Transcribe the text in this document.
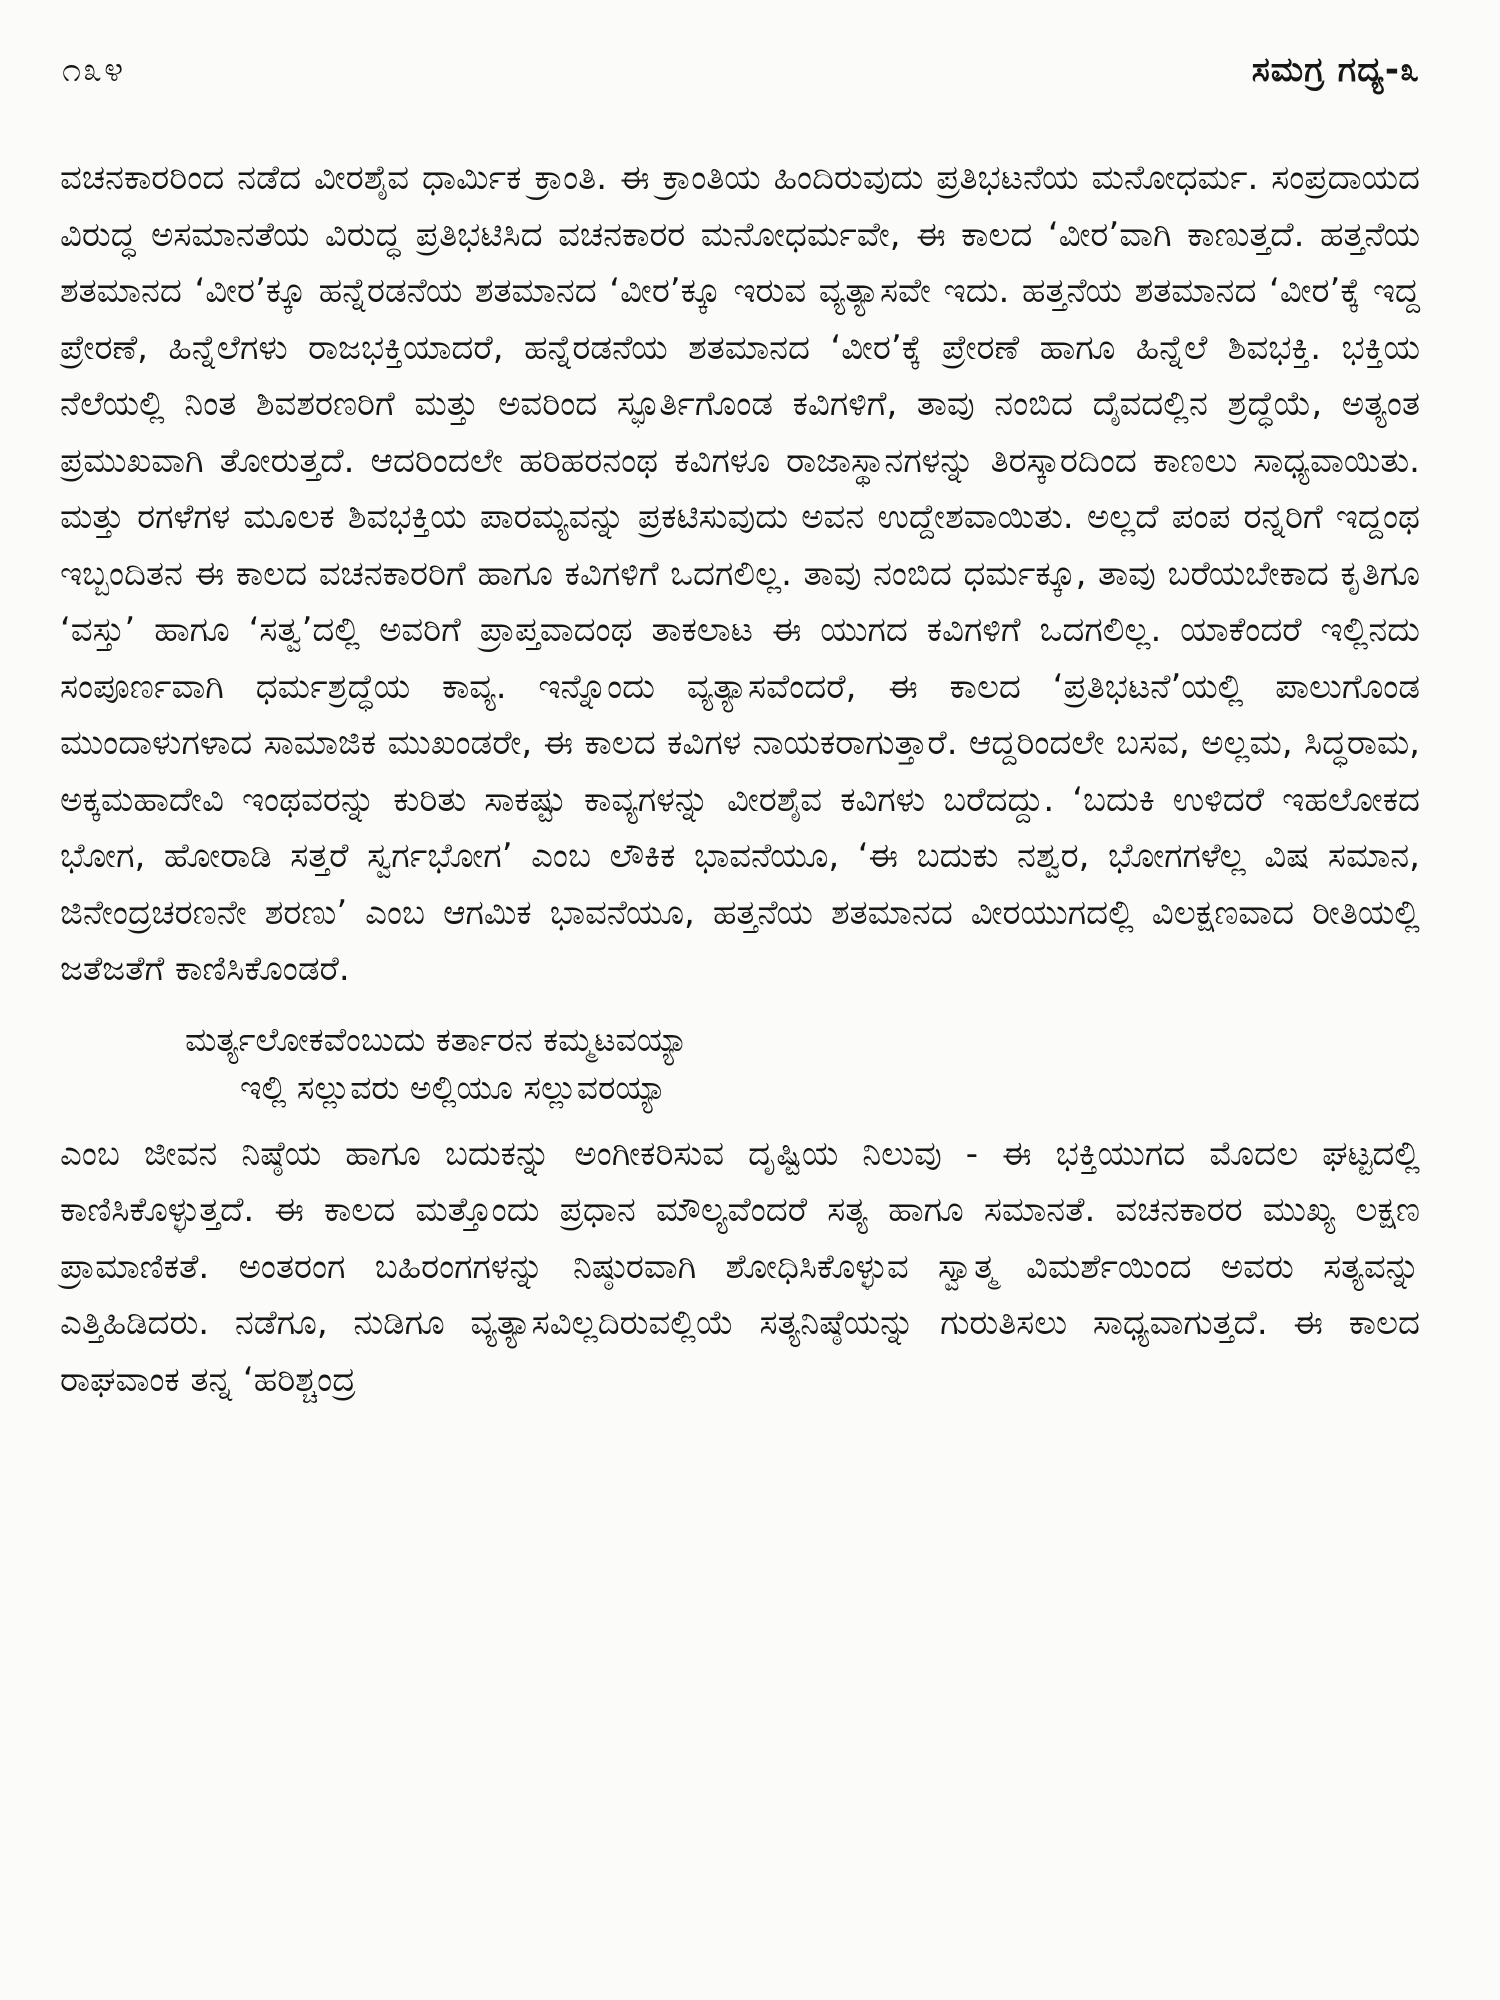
೧೩೪	ಸಮಗ್ರ ಗದ್ಯ-೩

ವಚನಕಾರರಿಂದ ನಡೆದ ವೀರಶೈವ ಧಾರ್ಮಿಕ ಕ್ರಾಂತಿ. ಈ ಕ್ರಾಂತಿಯ ಹಿಂದಿರುವುದು ಪ್ರತಿಭಟನೆಯ ಮನೋಧರ್ಮ. ಸಂಪ್ರದಾಯದ ವಿರುದ್ಧ ಅಸಮಾನತೆಯ ವಿರುದ್ಧ ಪ್ರತಿಭಟಿಸಿದ ವಚನಕಾರರ ಮನೋಧರ್ಮವೇ, ಈ ಕಾಲದ ‘ವೀರ’ವಾಗಿ ಕಾಣುತ್ತದೆ. ಹತ್ತನೆಯ ಶತಮಾನದ ‘ವೀರ’ಕ್ಕೂ ಹನ್ನೆರಡನೆಯ ಶತಮಾನದ ‘ವೀರ’ಕ್ಕೂ ಇರುವ ವ್ಯತ್ಯಾಸವೇ ಇದು. ಹತ್ತನೆಯ ಶತಮಾನದ ‘ವೀರ’ಕ್ಕೆ ಇದ್ದ ಪ್ರೇರಣೆ, ಹಿನ್ನೆಲೆಗಳು ರಾಜಭಕ್ತಿಯಾದರೆ, ಹನ್ನೆರಡನೆಯ ಶತಮಾನದ ‘ವೀರ’ಕ್ಕೆ ಪ್ರೇರಣೆ ಹಾಗೂ ಹಿನ್ನೆಲೆ ಶಿವಭಕ್ತಿ. ಭಕ್ತಿಯ ನೆಲೆಯಲ್ಲಿ ನಿಂತ ಶಿವಶರಣರಿಗೆ ಮತ್ತು ಅವರಿಂದ ಸ್ಫೂರ್ತಿಗೊಂಡ ಕವಿಗಳಿಗೆ, ತಾವು ನಂಬಿದ ದೈವದಲ್ಲಿನ ಶ್ರದ್ಧೆಯೆ, ಅತ್ಯಂತ ಪ್ರಮುಖವಾಗಿ ತೋರುತ್ತದೆ. ಆದರಿಂದಲೇ ಹರಿಹರನಂಥ ಕವಿಗಳೂ ರಾಜಾಸ್ಥಾನಗಳನ್ನು ತಿರಸ್ಕಾರದಿಂದ ಕಾಣಲು ಸಾಧ್ಯವಾಯಿತು. ಮತ್ತು ರಗಳೆಗಳ ಮೂಲಕ ಶಿವಭಕ್ತಿಯ ಪಾರಮ್ಯವನ್ನು ಪ್ರಕಟಿಸುವುದು ಅವನ ಉದ್ದೇಶವಾಯಿತು. ಅಲ್ಲದೆ ಪಂಪ ರನ್ನರಿಗೆ ಇದ್ದಂಥ ಇಬ್ಬಂದಿತನ ಈ ಕಾಲದ ವಚನಕಾರರಿಗೆ ಹಾಗೂ ಕವಿಗಳಿಗೆ ಒದಗಲಿಲ್ಲ. ತಾವು ನಂಬಿದ ಧರ್ಮಕ್ಕೂ, ತಾವು ಬರೆಯಬೇಕಾದ ಕೃತಿಗೂ ‘ವಸ್ತು’ ಹಾಗೂ ‘ಸತ್ವ’ದಲ್ಲಿ ಅವರಿಗೆ ಪ್ರಾಪ್ತವಾದಂಥ ತಾಕಲಾಟ ಈ ಯುಗದ ಕವಿಗಳಿಗೆ ಒದಗಲಿಲ್ಲ. ಯಾಕೆಂದರೆ ಇಲ್ಲಿನದು ಸಂಪೂರ್ಣವಾಗಿ ಧರ್ಮಶ್ರದ್ಧೆಯ ಕಾವ್ಯ. ಇನ್ನೊಂದು ವ್ಯತ್ಯಾಸವೆಂದರೆ, ಈ ಕಾಲದ ‘ಪ್ರತಿಭಟನೆ’ಯಲ್ಲಿ ಪಾಲುಗೊಂಡ ಮುಂದಾಳುಗಳಾದ ಸಾಮಾಜಿಕ ಮುಖಂಡರೇ, ಈ ಕಾಲದ ಕವಿಗಳ ನಾಯಕರಾಗುತ್ತಾರೆ. ಆದ್ದರಿಂದಲೇ ಬಸವ, ಅಲ್ಲಮ, ಸಿದ್ಧರಾಮ, ಅಕ್ಕಮಹಾದೇವಿ ಇಂಥವರನ್ನು ಕುರಿತು ಸಾಕಷ್ಟು ಕಾವ್ಯಗಳನ್ನು ವೀರಶೈವ ಕವಿಗಳು ಬರೆದದ್ದು. ‘ಬದುಕಿ ಉಳಿದರೆ ಇಹಲೋಕದ ಭೋಗ, ಹೋರಾಡಿ ಸತ್ತರೆ ಸ್ವರ್ಗಭೋಗ’ ಎಂಬ ಲೌಕಿಕ ಭಾವನೆಯೂ, ‘ಈ ಬದುಕು ನಶ್ವರ, ಭೋಗಗಳೆಲ್ಲ ವಿಷ ಸಮಾನ, ಜಿನೇಂದ್ರಚರಣನೇ ಶರಣು’ ಎಂಬ ಆಗಮಿಕ ಭಾವನೆಯೂ, ಹತ್ತನೆಯ ಶತಮಾನದ ವೀರಯುಗದಲ್ಲಿ ವಿಲಕ್ಷಣವಾದ ರೀತಿಯಲ್ಲಿ ಜತೆಜತೆಗೆ ಕಾಣಿಸಿಕೊಂಡರೆ.

ಮರ್ತ್ಯಲೋಕವೆಂಬುದು ಕರ್ತಾರನ ಕಮ್ಮಟವಯ್ಯಾ
ಇಲ್ಲಿ ಸಲ್ಲುವರು ಅಲ್ಲಿಯೂ ಸಲ್ಲುವರಯ್ಯಾ

ಎಂಬ ಜೀವನ ನಿಷ್ಠೆಯ ಹಾಗೂ ಬದುಕನ್ನು ಅಂಗೀಕರಿಸುವ ದೃಷ್ಟಿಯ ನಿಲುವು - ಈ ಭಕ್ತಿಯುಗದ ಮೊದಲ ಘಟ್ಟದಲ್ಲಿ ಕಾಣಿಸಿಕೊಳ್ಳುತ್ತದೆ. ಈ ಕಾಲದ ಮತ್ತೊಂದು ಪ್ರಧಾನ ಮೌಲ್ಯವೆಂದರೆ ಸತ್ಯ ಹಾಗೂ ಸಮಾನತೆ. ವಚನಕಾರರ ಮುಖ್ಯ ಲಕ್ಷಣ ಪ್ರಾಮಾಣಿಕತೆ. ಅಂತರಂಗ ಬಹಿರಂಗಗಳನ್ನು ನಿಷ್ಠುರವಾಗಿ ಶೋಧಿಸಿಕೊಳ್ಳುವ ಸ್ವಾತ್ಮ ವಿಮರ್ಶೆಯಿಂದ ಅವರು ಸತ್ಯವನ್ನು ಎತ್ತಿಹಿಡಿದರು. ನಡೆಗೂ, ನುಡಿಗೂ ವ್ಯತ್ಯಾಸವಿಲ್ಲದಿರುವಲ್ಲಿಯೆ ಸತ್ಯನಿಷ್ಠೆಯನ್ನು ಗುರುತಿಸಲು ಸಾಧ್ಯವಾಗುತ್ತದೆ. ಈ ಕಾಲದ ರಾಘವಾಂಕ ತನ್ನ ‘ಹರಿಶ್ಚಂದ್ರ
